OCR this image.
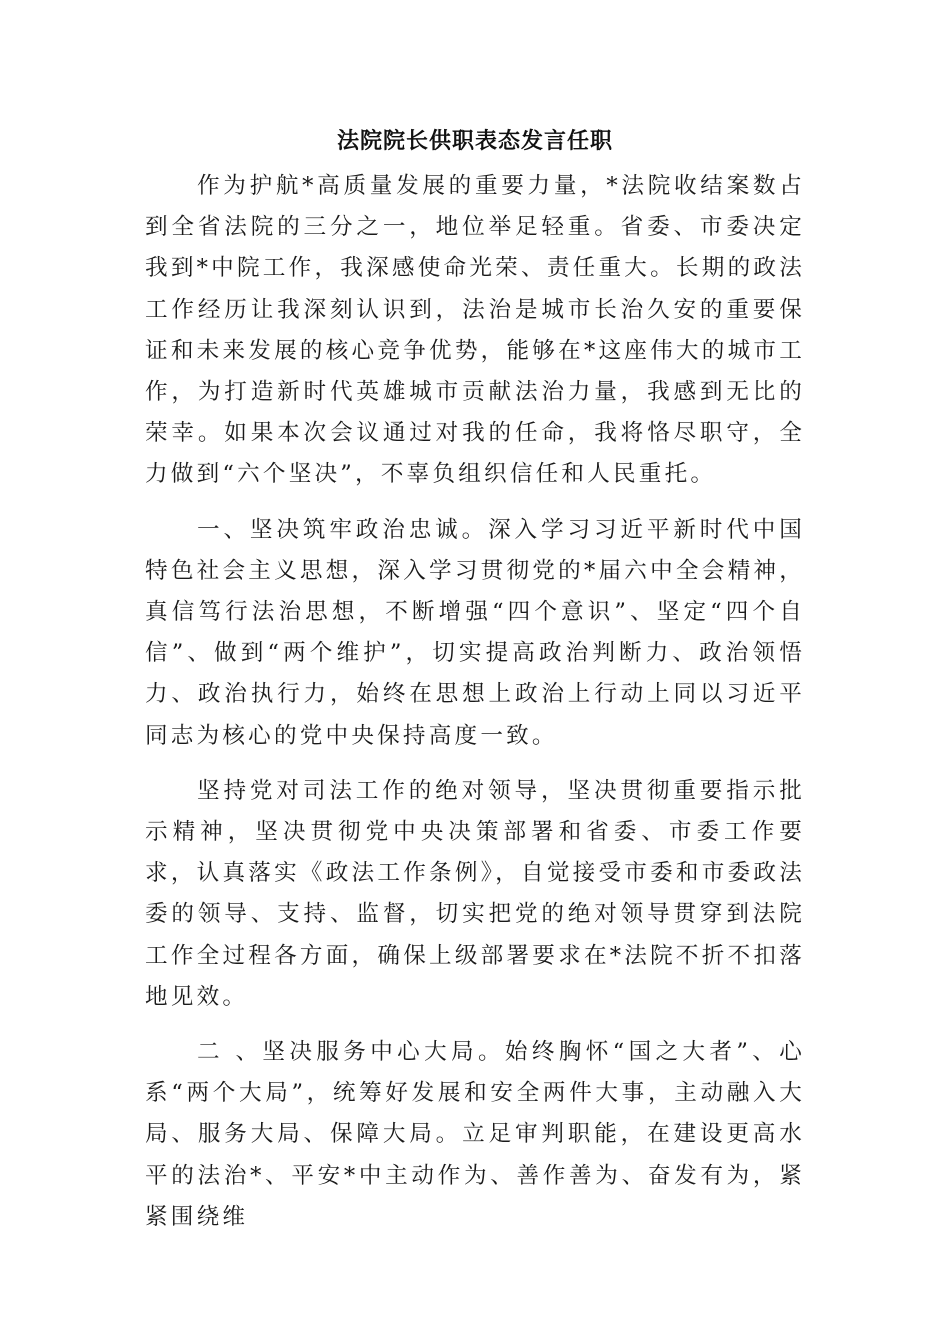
法院院长供职表态发言任职

作为护航*高质量发展的重要力量，*法院收结案数占到全省法院的三分之一，地位举足轻重。省委、市委决定我到*中院工作，我深感使命光荣、责任重大。长期的政法工作经历让我深刻认识到，法治是城市长治久安的重要保证和未来发展的核心竞争优势，能够在*这座伟大的城市工作，为打造新时代英雄城市贡献法治力量，我感到无比的荣幸。如果本次会议通过对我的任命，我将恪尽职守，全力做到“六个坚决”，不辜负组织信任和人民重托。

一、坚决筑牢政治忠诚。深入学习习近平新时代中国特色社会主义思想，深入学习贯彻党的*届六中全会精神，真信笃行法治思想，不断增强“四个意识”、坚定“四个自信”、做到“两个维护”，切实提高政治判断力、政治领悟力、政治执行力，始终在思想上政治上行动上同以习近平同志为核心的党中央保持高度一致。

坚持党对司法工作的绝对领导，坚决贯彻重要指示批示精神，坚决贯彻党中央决策部署和省委、市委工作要求，认真落实《政法工作条例》，自觉接受市委和市委政法委的领导、支持、监督，切实把党的绝对领导贯穿到法院工作全过程各方面，确保上级部署要求在*法院不折不扣落地见效。

二 、坚决服务中心大局。始终胸怀“国之大者”、心系“两个大局”，统筹好发展和安全两件大事，主动融入大局、服务大局、保障大局。立足审判职能，在建设更高水平的法治*、平安*中主动作为、善作善为、奋发有为，紧紧围绕维
